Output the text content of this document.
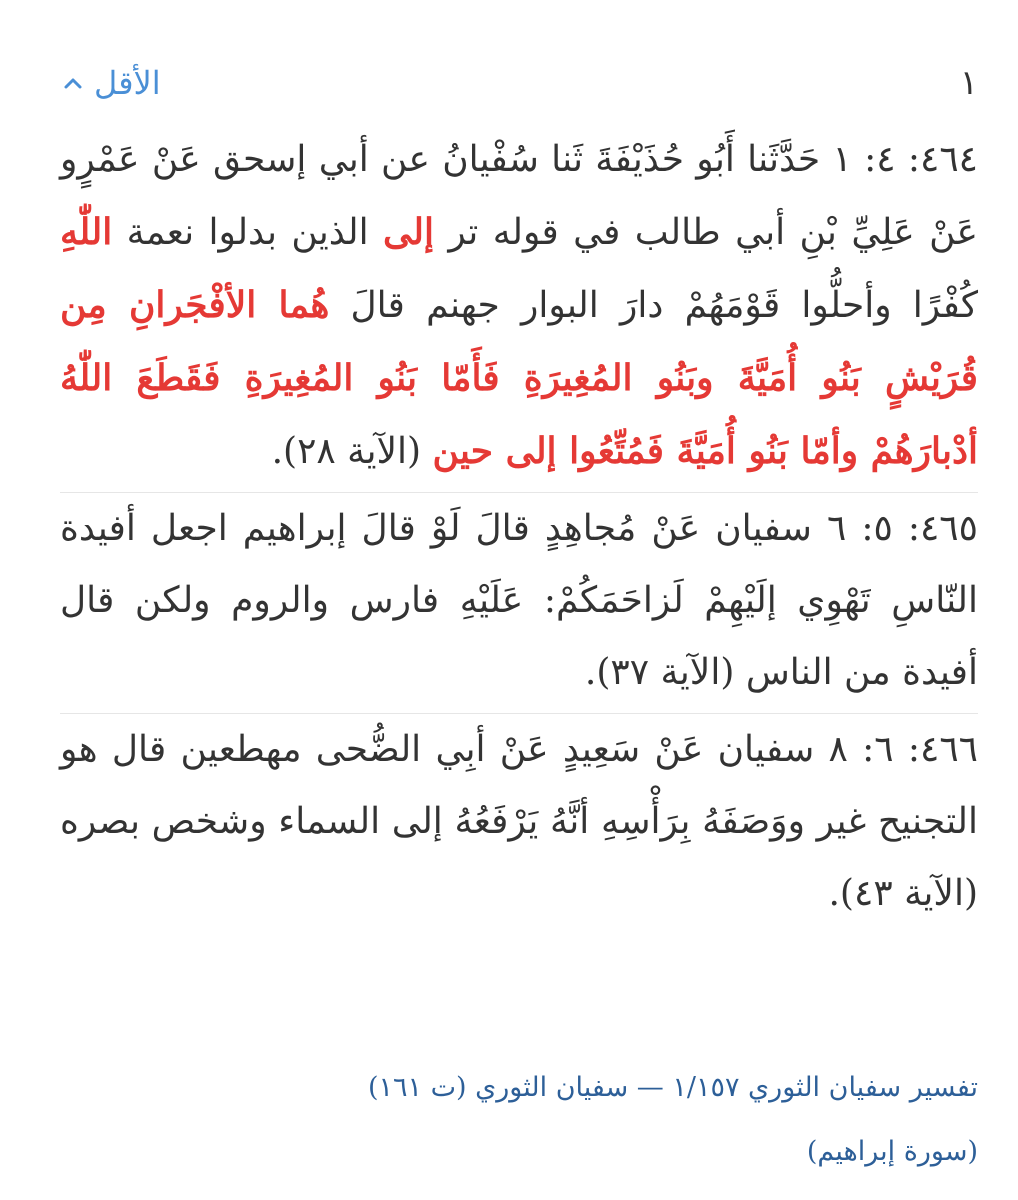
١
الأقل

٤٦٤: ٤: ١ حَدَّثَنا أَبُو حُذَيْفَةَ ثَنا سُفْيانُ عن أبي إسحق عَنْ عَمْرٍو عَنْ عَلِيِّ بْنِ أبي طالب في قوله تر إلى الذين بدلوا نعمة اللّٰهِ كُفْرًا وأحلُّوا قَوْمَهُمْ دارَ البوار جهنم قالَ هُما الأفْجَرانِ مِن قُرَيْشٍ بَنُو أُمَيَّةَ وبَنُو المُغِيرَةِ فَأَمّا بَنُو المُغِيرَةِ فَقَطَعَ اللّٰهُ أدْبارَهُمْ وأمّا بَنُو أُمَيَّةَ فَمُتِّعُوا إلى حين (الآية ٢٨).

٤٦٥: ٥: ٦ سفيان عَنْ مُجاهِدٍ قالَ لَوْ قالَ إبراهيم اجعل أفيدة النّاسِ تَهْوِي إلَيْهِمْ لَزاحَمَكُمْ: عَلَيْهِ فارس والروم ولكن قال أفيدة من الناس (الآية ٣٧).

٤٦٦: ٦: ٨ سفيان عَنْ سَعِيدٍ عَنْ أبِي الضُّحى مهطعين قال هو التجنيح غير ووَصَفَهُ بِرَأْسِهِ أنَّهُ يَرْفَعُهُ إلى السماء وشخص بصره (الآية ٤٣).

تفسير سفيان الثوري ١/١٥٧ — سفيان الثوري (ت ١٦١)
(سورة إبراهيم)
